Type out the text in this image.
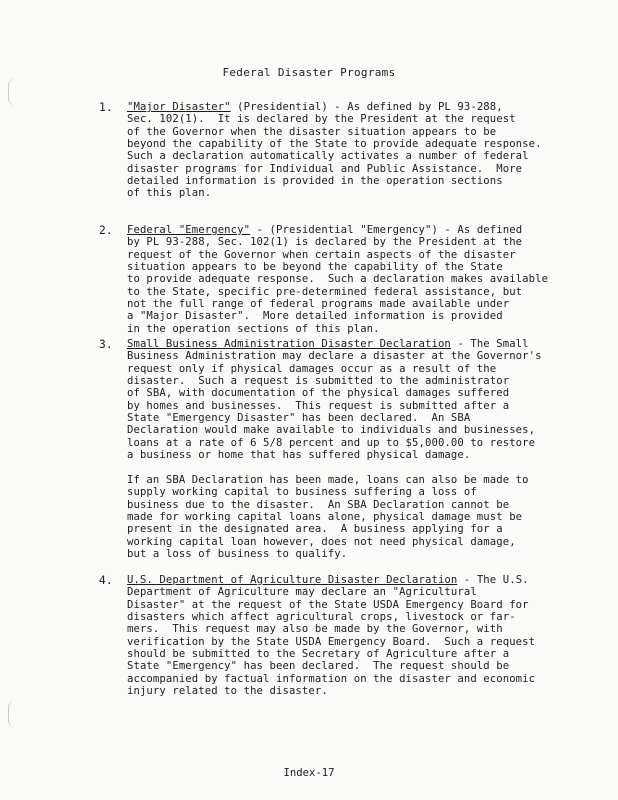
Federal Disaster Programs
1. "Major Disaster" (Presidential) - As defined by PL 93-288,
Sec. 102(1).  It is declared by the President at the request
of the Governor when the disaster situation appears to be
beyond the capability of the State to provide adequate response.
Such a declaration automatically activates a number of federal
disaster programs for Individual and Public Assistance.  More
detailed information is provided in the operation sections
of this plan.
2. Federal "Emergency" - (Presidential "Emergency") - As defined
by PL 93-288, Sec. 102(1) is declared by the President at the
request of the Governor when certain aspects of the disaster
situation appears to be beyond the capability of the State
to provide adequate response.  Such a declaration makes available
to the State, specific pre-determined federal assistance, but
not the full range of federal programs made available under
a "Major Disaster".  More detailed information is provided
in the operation sections of this plan.
3. Small Business Administration Disaster Declaration - The Small
Business Administration may declare a disaster at the Governor's
request only if physical damages occur as a result of the
disaster.  Such a request is submitted to the administrator
of SBA, with documentation of the physical damages suffered
by homes and businesses.  This request is submitted after a
State "Emergency Disaster" has been declared.  An SBA
Declaration would make available to individuals and businesses,
loans at a rate of 6 5/8 percent and up to $5,000.00 to restore
a business or home that has suffered physical damage.
If an SBA Declaration has been made, loans can also be made to
supply working capital to business suffering a loss of
business due to the disaster.  An SBA Declaration cannot be
made for working capital loans alone, physical damage must be
present in the designated area.  A business applying for a
working capital loan however, does not need physical damage,
but a loss of business to qualify.
4. U.S. Department of Agriculture Disaster Declaration - The U.S.
Department of Agriculture may declare an "Agricultural
Disaster" at the request of the State USDA Emergency Board for
disasters which affect agricultural crops, livestock or far-
mers.  This request may also be made by the Governor, with
verification by the State USDA Emergency Board.  Such a request
should be submitted to the Secretary of Agriculture after a
State "Emergency" has been declared.  The request should be
accompanied by factual information on the disaster and economic
injury related to the disaster.
Index-17
